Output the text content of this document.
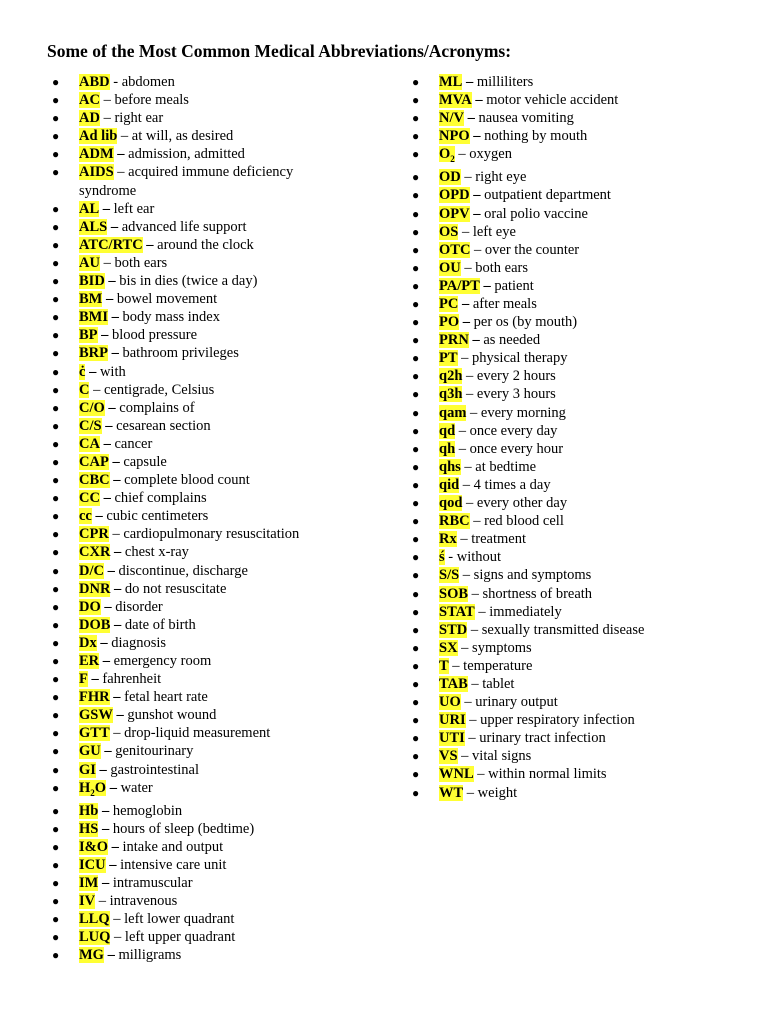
Some of the Most Common Medical Abbreviations/Acronyms:
●	ABD - abdomen
●	AC – before meals
●	AD – right ear
●	Ad lib – at will, as desired
●	ADM – admission, admitted
●	AIDS – acquired immune deficiency syndrome
●	AL – left ear
●	ALS – advanced life support
●	ATC/RTC – around the clock
●	AU – both ears
●	BID – bis in dies (twice a day)
●	BM – bowel movement
●	BMI – body mass index
●	BP – blood pressure
●	BRP – bathroom privileges
●	ċ – with
●	C – centigrade, Celsius
●	C/O – complains of
●	C/S – cesarean section
●	CA – cancer
●	CAP – capsule
●	CBC – complete blood count
●	CC – chief complains
●	cc – cubic centimeters
●	CPR – cardiopulmonary resuscitation
●	CXR – chest x-ray
●	D/C – discontinue, discharge
●	DNR – do not resuscitate
●	DO – disorder
●	DOB – date of birth
●	Dx – diagnosis
●	ER – emergency room
●	F – fahrenheit
●	FHR – fetal heart rate
●	GSW – gunshot wound
●	GTT – drop-liquid measurement
●	GU – genitourinary
●	GI – gastrointestinal
●	$H_2O$ – water
●	Hb – hemoglobin
●	HS – hours of sleep (bedtime)
●	I&O – intake and output
●	ICU – intensive care unit
●	IM – intramuscular
●	IV – intravenous
●	LLQ – left lower quadrant
●	LUQ – left upper quadrant
●	MG – milligrams
●	ML – milliliters
●	MVA – motor vehicle accident
●	N/V – nausea vomiting
●	NPO – nothing by mouth
●	$O_2$ – oxygen
●	OD – right eye
●	OPD – outpatient department
●	OPV – oral polio vaccine
●	OS – left eye
●	OTC – over the counter
●	OU – both ears
●	PA/PT – patient
●	PC – after meals
●	PO – per os (by mouth)
●	PRN – as needed
●	PT – physical therapy
●	q2h – every 2 hours
●	q3h – every 3 hours
●	qam – every morning
●	qd – once every day
●	qh – once every hour
●	qhs – at bedtime
●	qid – 4 times a day
●	qod – every other day
●	RBC – red blood cell
●	Rx – treatment
●	ś - without
●	S/S – signs and symptoms
●	SOB – shortness of breath
●	STAT – immediately
●	STD – sexually transmitted disease
●	SX – symptoms
●	T – temperature
●	TAB – tablet
●	UO – urinary output
●	URI – upper respiratory infection
●	UTI – urinary tract infection
●	VS – vital signs
●	WNL – within normal limits
●	WT – weight
